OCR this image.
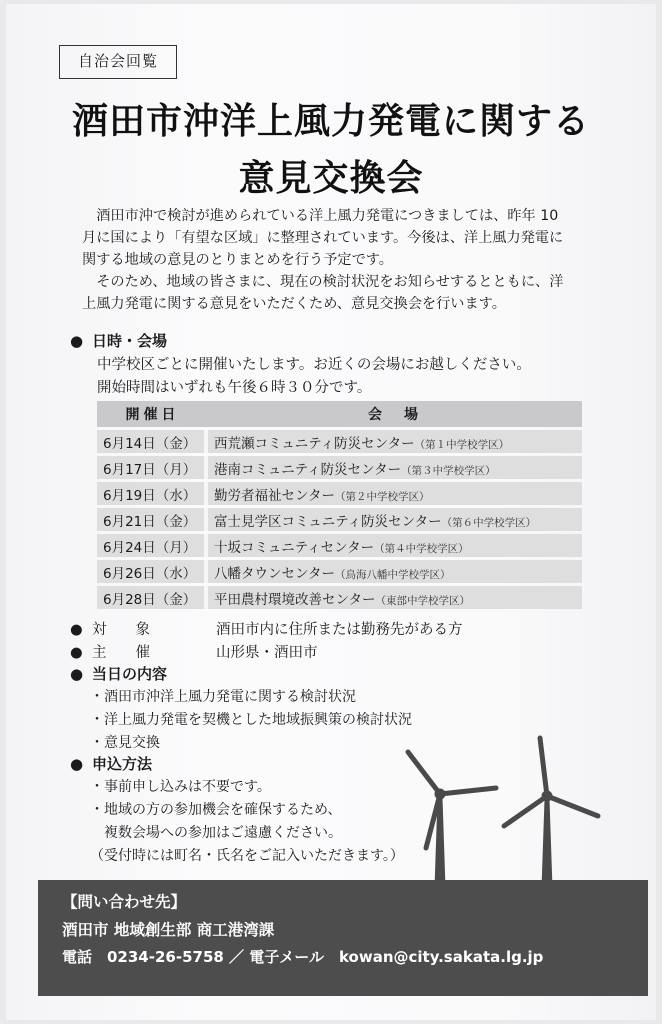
自治会回覧
酒田市沖洋上風力発電に関する
意見交換会

酒田市沖で検討が進められている洋上風力発電につきましては、昨年 10 月に国により「有望な区域」に整理されています。今後は、洋上風力発電に関する地域の意見のとりまとめを行う予定です。

そのため、地域の皆さまに、現在の検討状況をお知らせするとともに、洋上風力発電に関する意見をいただくため、意見交換会を行います。

● 日時・会場
中学校区ごとに開催いたします。お近くの会場にお越しください。
開始時間はいずれも午後６時３０分です。
開催日	会　場
6月14日（金）	西荒瀬コミュニティ防災センター（第１中学校学区）
6月17日（月）	港南コミュニティ防災センター（第３中学校学区）
6月19日（水）	勤労者福祉センター（第２中学校学区）
6月21日（金）	富士見学区コミュニティ防災センター（第６中学校学区）
6月24日（月）	十坂コミュニティセンター（第４中学校学区）
6月26日（水）	八幡タウンセンター（鳥海八幡中学校学区）
6月28日（金）	平田農村環境改善センター（東部中学校学区）
● 対　　象	酒田市内に住所または勤務先がある方
● 主　　催	山形県・酒田市
● 当日の内容
・酒田市沖洋上風力発電に関する検討状況
・洋上風力発電を契機とした地域振興策の検討状況
・意見交換
● 申込方法
・事前申し込みは不要です。
・地域の方の参加機会を確保するため、
　複数会場への参加はご遠慮ください。
（受付時には町名・氏名をご記入いただきます。）
【問い合わせ先】
酒田市 地域創生部 商工港湾課
電話　0234-26-5758 ／ 電子メール　kowan@city.sakata.lg.jp
